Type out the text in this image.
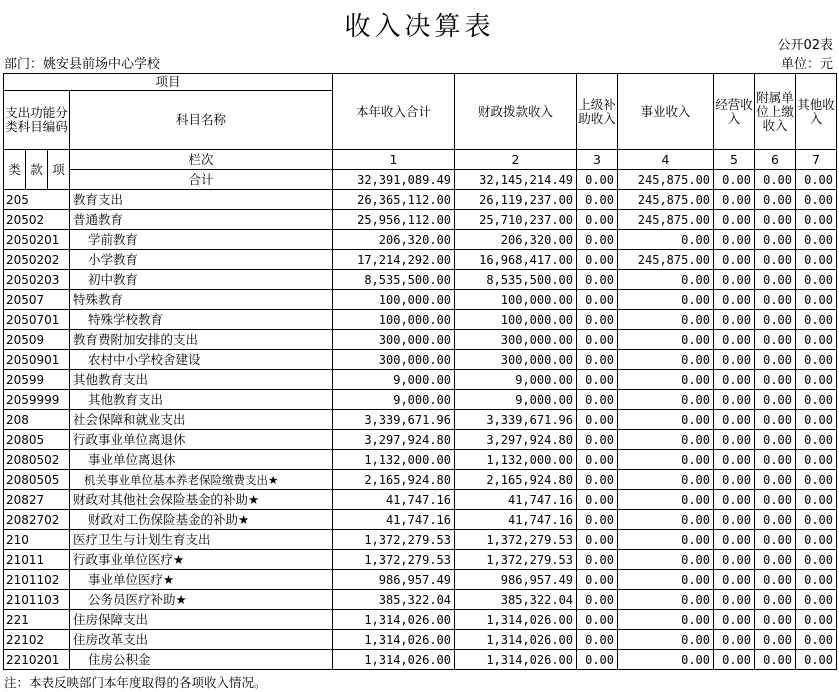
收入决算表
公开02表
部门：姚安县前场中心学校	单位：元
项目				本年收入合计	财政拨款收入	上级补助收入	事业收入	经营收入	附属单位上缴收入	其他收入
支出功能分类科目编码			科目名称							

类	款	项	栏次	1	2	3	4	5	6	7
			合计	32,391,089.49	32,145,214.49	0.00	245,875.00	0.00	0.00	0.00
205			教育支出	26,365,112.00	26,119,237.00	0.00	245,875.00	0.00	0.00	0.00
20502			普通教育	25,956,112.00	25,710,237.00	0.00	245,875.00	0.00	0.00	0.00
2050201			学前教育	206,320.00	206,320.00	0.00	0.00	0.00	0.00	0.00
2050202			小学教育	17,214,292.00	16,968,417.00	0.00	245,875.00	0.00	0.00	0.00
2050203			初中教育	8,535,500.00	8,535,500.00	0.00	0.00	0.00	0.00	0.00
20507			特殊教育	100,000.00	100,000.00	0.00	0.00	0.00	0.00	0.00
2050701			特殊学校教育	100,000.00	100,000.00	0.00	0.00	0.00	0.00	0.00
20509			教育费附加安排的支出	300,000.00	300,000.00	0.00	0.00	0.00	0.00	0.00
2050901			农村中小学校舍建设	300,000.00	300,000.00	0.00	0.00	0.00	0.00	0.00
20599			其他教育支出	9,000.00	9,000.00	0.00	0.00	0.00	0.00	0.00
2059999			其他教育支出	9,000.00	9,000.00	0.00	0.00	0.00	0.00	0.00
208			社会保障和就业支出	3,339,671.96	3,339,671.96	0.00	0.00	0.00	0.00	0.00
20805			行政事业单位离退休	3,297,924.80	3,297,924.80	0.00	0.00	0.00	0.00	0.00
2080502			事业单位离退休	1,132,000.00	1,132,000.00	0.00	0.00	0.00	0.00	0.00
2080505			机关事业单位基本养老保险缴费支出★	2,165,924.80	2,165,924.80	0.00	0.00	0.00	0.00	0.00
20827			财政对其他社会保险基金的补助★	41,747.16	41,747.16	0.00	0.00	0.00	0.00	0.00
2082702			财政对工伤保险基金的补助★	41,747.16	41,747.16	0.00	0.00	0.00	0.00	0.00
210			医疗卫生与计划生育支出	1,372,279.53	1,372,279.53	0.00	0.00	0.00	0.00	0.00
21011			行政事业单位医疗★	1,372,279.53	1,372,279.53	0.00	0.00	0.00	0.00	0.00
2101102			事业单位医疗★	986,957.49	986,957.49	0.00	0.00	0.00	0.00	0.00
2101103			公务员医疗补助★	385,322.04	385,322.04	0.00	0.00	0.00	0.00	0.00
221			住房保障支出	1,314,026.00	1,314,026.00	0.00	0.00	0.00	0.00	0.00
22102			住房改革支出	1,314,026.00	1,314,026.00	0.00	0.00	0.00	0.00	0.00
2210201			住房公积金	1,314,026.00	1,314,026.00	0.00	0.00	0.00	0.00	0.00
注：本表反映部门本年度取得的各项收入情况。
